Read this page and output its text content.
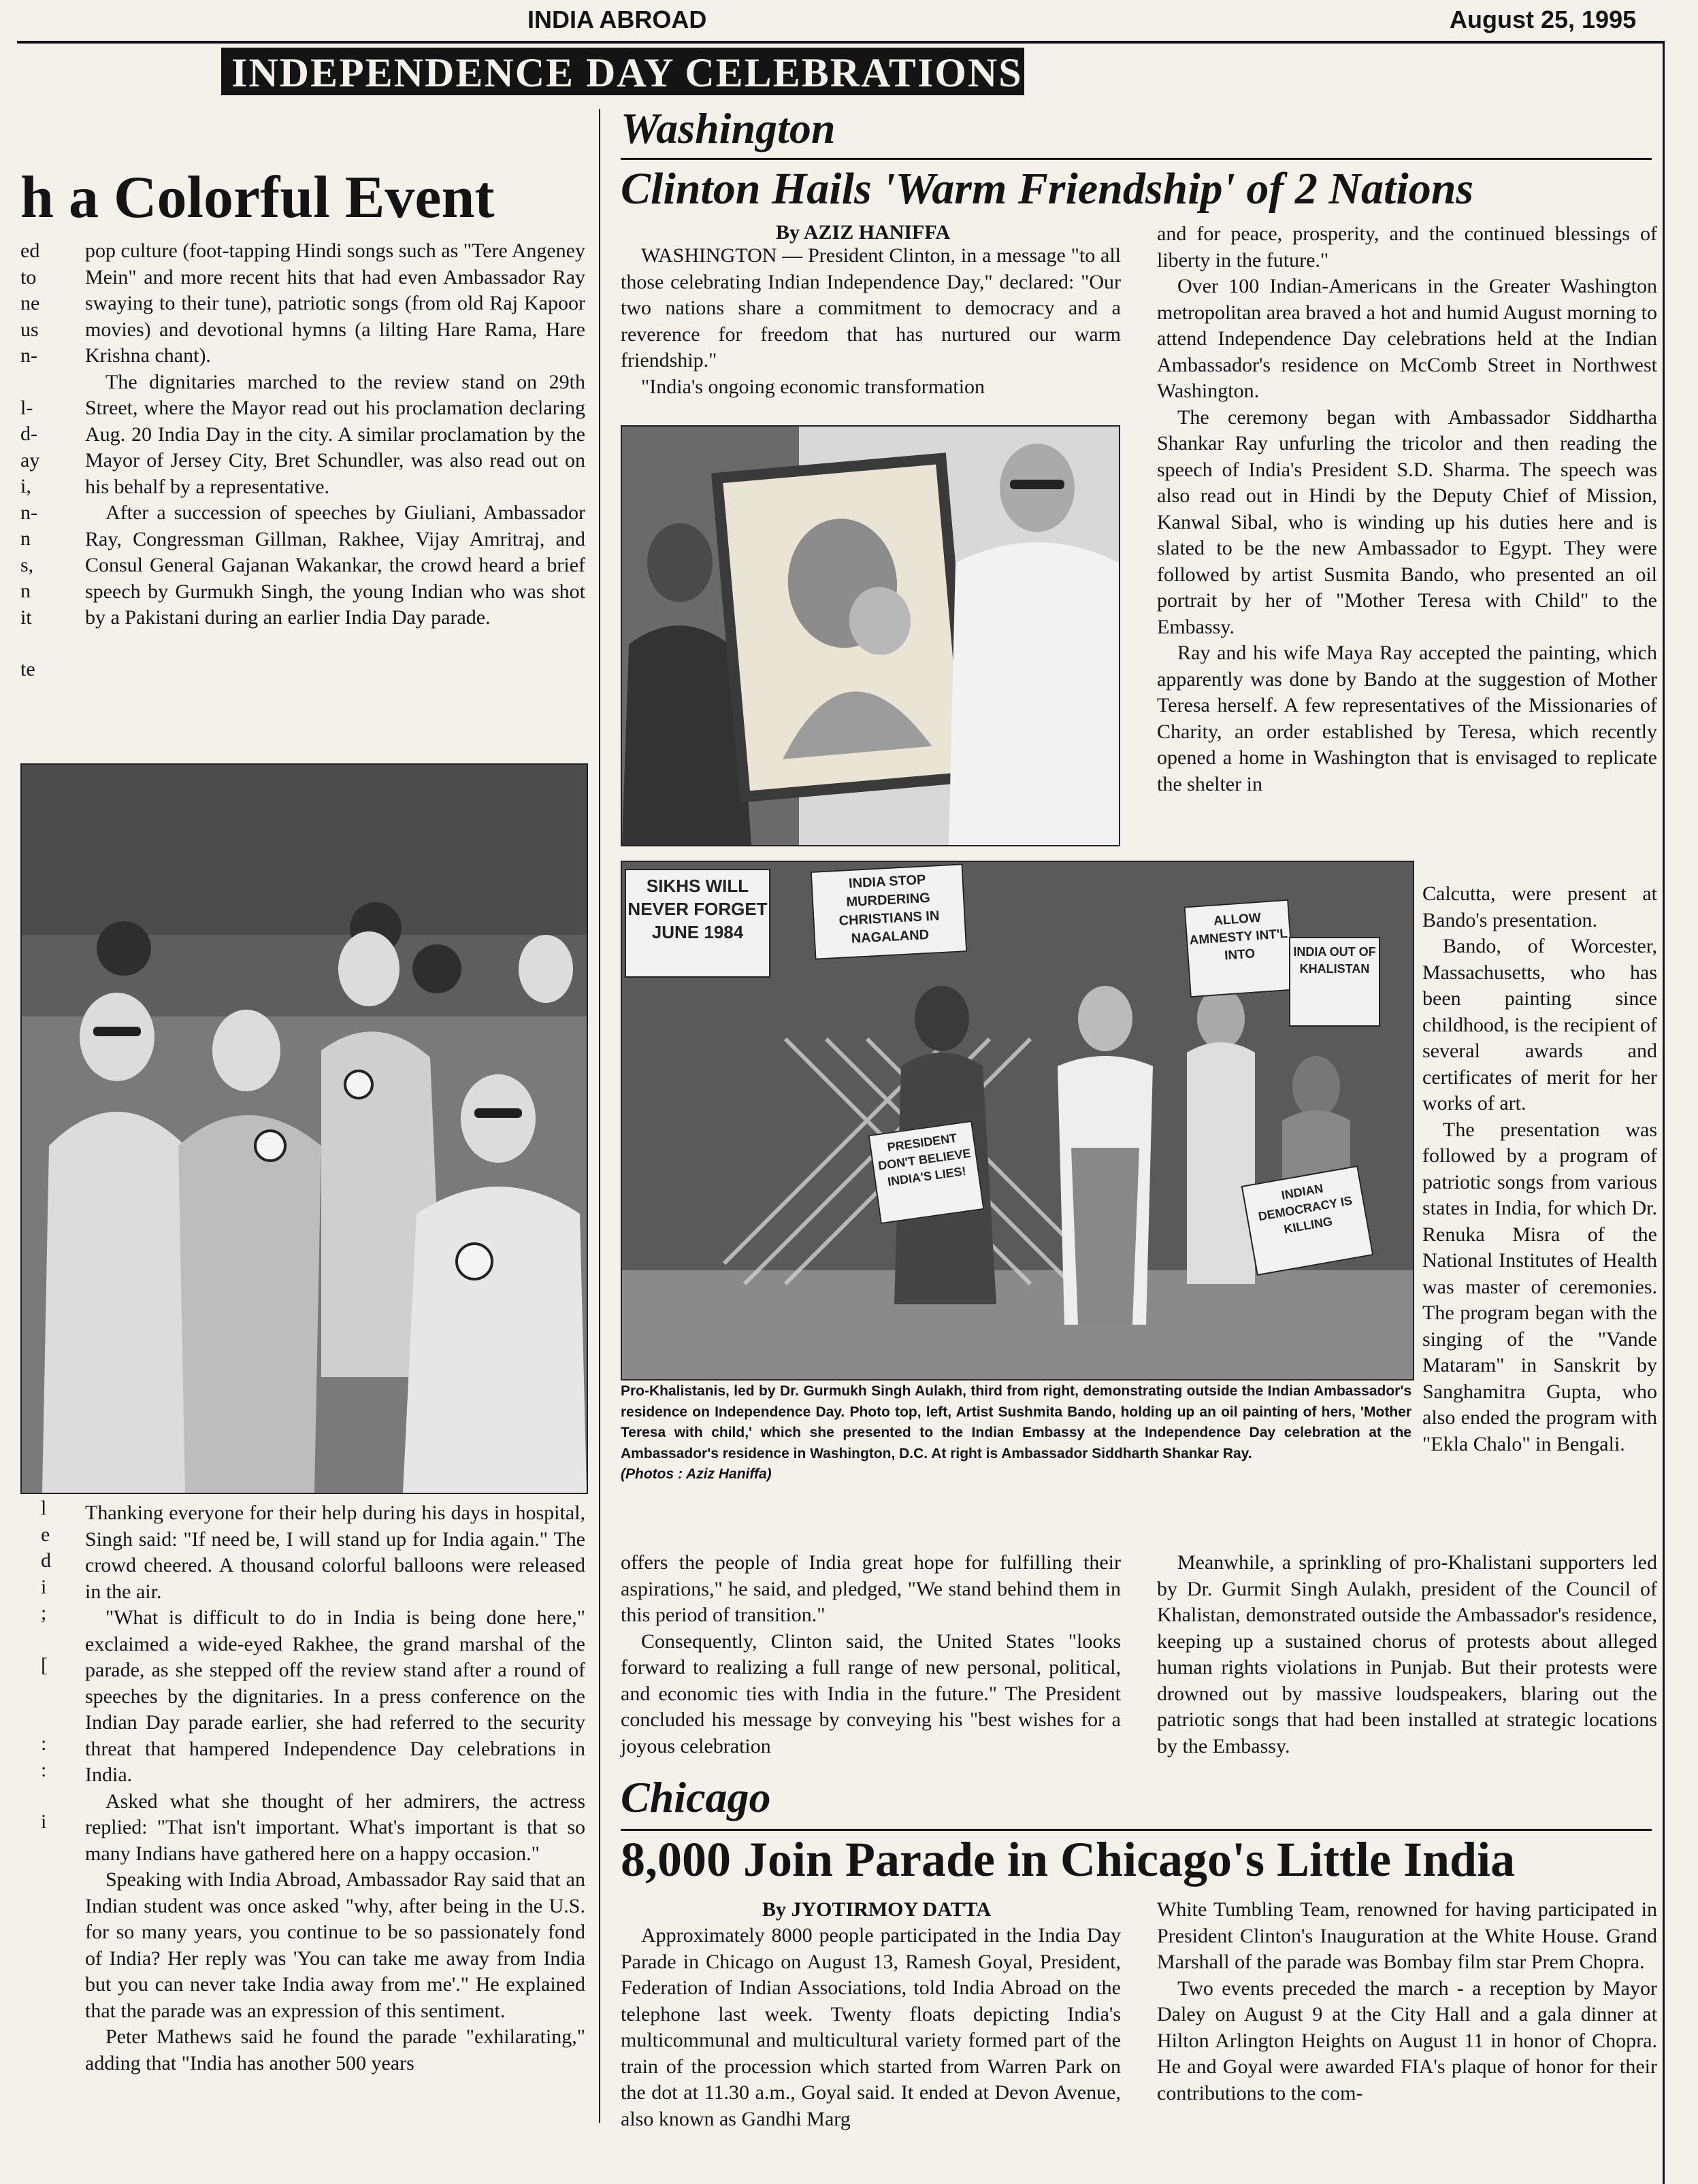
INDIA ABROAD	August 25, 1995
INDEPENDENCE DAY CELEBRATIONS
h a Colorful Event
ed
to
ne
us
n-
l-
d-
ay
i,
n-
n
s,
n
it
te

pop culture (foot-tapping Hindi songs such as "Tere Angeney Mein" and more recent hits that had even Ambassador Ray swaying to their tune), patriotic songs (from old Raj Kapoor movies) and devotional hymns (a lilting Hare Rama, Hare Krishna chant).

The dignitaries marched to the review stand on 29th Street, where the Mayor read out his proclamation declaring Aug. 20 India Day in the city. A similar proclamation by the Mayor of Jersey City, Bret Schundler, was also read out on his behalf by a representative.

After a succession of speeches by Giuliani, Ambassador Ray, Congressman Gillman, Rakhee, Vijay Amritraj, and Consul General Gajanan Wakankar, the crowd heard a brief speech by Gurmukh Singh, the young Indian who was shot by a Pakistani during an earlier India Day parade.

l
e
d
i
;
[
:
:
i

Thanking everyone for their help during his days in hospital, Singh said: "If need be, I will stand up for India again." The crowd cheered. A thousand colorful balloons were released in the air.

"What is difficult to do in India is being done here," exclaimed a wide-eyed Rakhee, the grand marshal of the parade, as she stepped off the review stand after a round of speeches by the dignitaries. In a press conference on the Indian Day parade earlier, she had referred to the security threat that hampered Independence Day celebrations in India.

Asked what she thought of her admirers, the actress replied: "That isn't important. What's important is that so many Indians have gathered here on a happy occasion."

Speaking with India Abroad, Ambassador Ray said that an Indian student was once asked "why, after being in the U.S. for so many years, you continue to be so passionately fond of India? Her reply was 'You can take me away from India but you can never take India away from me'." He explained that the parade was an expression of this sentiment.

Peter Mathews said he found the parade "exhilarating," adding that "India has another 500 years

Washington
Clinton Hails 'Warm Friendship' of 2 Nations
By AZIZ HANIFFA

WASHINGTON — President Clinton, in a message "to all those celebrating Indian Independence Day," declared: "Our two nations share a commitment to democracy and a reverence for freedom that has nurtured our warm friendship."

"India's ongoing economic transformation

and for peace, prosperity, and the continued blessings of liberty in the future."

Over 100 Indian-Americans in the Greater Washington metropolitan area braved a hot and humid August morning to attend Independence Day celebrations held at the Indian Ambassador's residence on McComb Street in Northwest Washington.

The ceremony began with Ambassador Siddhartha Shankar Ray unfurling the tricolor and then reading the speech of India's President S.D. Sharma. The speech was also read out in Hindi by the Deputy Chief of Mission, Kanwal Sibal, who is winding up his duties here and is slated to be the new Ambassador to Egypt. They were followed by artist Susmita Bando, who presented an oil portrait by her of "Mother Teresa with Child" to the Embassy.

Ray and his wife Maya Ray accepted the painting, which apparently was done by Bando at the suggestion of Mother Teresa herself. A few representatives of the Missionaries of Charity, an order established by Teresa, which recently opened a home in Washington that is envisaged to replicate the shelter in

SIKHS WILL NEVER FORGET JUNE 1984
INDIA STOP MURDERING CHRISTIANS IN NAGALAND
ALLOW AMNESTY INT'L INTO	INDIA OUT OF KHALISTAN
PRESIDENT DON'T BELIEVE INDIA'S LIES!
INDIAN DEMOCRACY IS KILLING

Calcutta, were present at Bando's presentation.

Bando, of Worcester, Massachusetts, who has been painting since childhood, is the recipient of several awards and certificates of merit for her works of art.

The presentation was followed by a program of patriotic songs from various states in India, for which Dr. Renuka Misra of the National Institutes of Health was master of ceremonies. The program began with the singing of the "Vande Mataram" in Sanskrit by Sanghamitra Gupta, who also ended the program with "Ekla Chalo" in Bengali.

Pro-Khalistanis, led by Dr. Gurmukh Singh Aulakh, third from right, demonstrating outside the Indian Ambassador's residence on Independence Day. Photo top, left, Artist Sushmita Bando, holding up an oil painting of hers, 'Mother Teresa with child,' which she presented to the Indian Embassy at the Independence Day celebration at the Ambassador's residence in Washington, D.C. At right is Ambassador Siddharth Shankar Ray.
(Photos : Aziz Haniffa)

offers the people of India great hope for fulfilling their aspirations," he said, and pledged, "We stand behind them in this period of transition."

Consequently, Clinton said, the United States "looks forward to realizing a full range of new personal, political, and economic ties with India in the future." The President concluded his message by conveying his "best wishes for a joyous celebration

Meanwhile, a sprinkling of pro-Khalistani supporters led by Dr. Gurmit Singh Aulakh, president of the Council of Khalistan, demonstrated outside the Ambassador's residence, keeping up a sustained chorus of protests about alleged human rights violations in Punjab. But their protests were drowned out by massive loudspeakers, blaring out the patriotic songs that had been installed at strategic locations by the Embassy.

Chicago
8,000 Join Parade in Chicago's Little India
By JYOTIRMOY DATTA

Approximately 8000 people participated in the India Day Parade in Chicago on August 13, Ramesh Goyal, President, Federation of Indian Associations, told India Abroad on the telephone last week. Twenty floats depicting India's multicommunal and multicultural variety formed part of the train of the procession which started from Warren Park on the dot at 11.30 a.m., Goyal said. It ended at Devon Avenue, also known as Gandhi Marg

White Tumbling Team, renowned for having participated in President Clinton's Inauguration at the White House. Grand Marshall of the parade was Bombay film star Prem Chopra.

Two events preceded the march - a reception by Mayor Daley on August 9 at the City Hall and a gala dinner at Hilton Arlington Heights on August 11 in honor of Chopra. He and Goyal were awarded FIA's plaque of honor for their contributions to the com-
